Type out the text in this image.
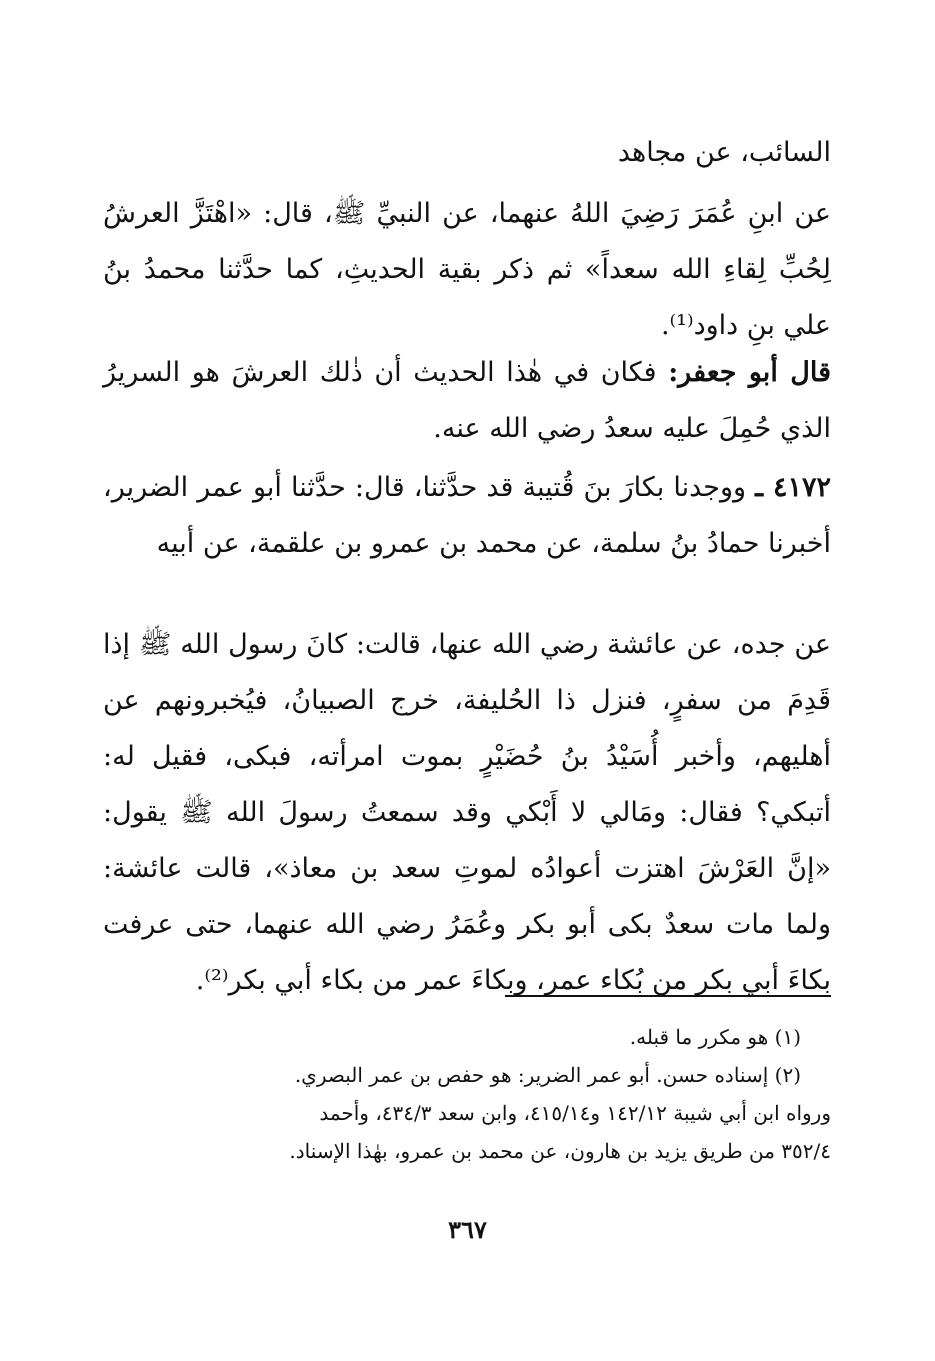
السائب، عن مجاهد

عن ابنِ عُمَرَ رَضِيَ اللهُ عنهما، عن النبيِّ ﷺ، قال: «اهْتَزَّ العرشُ لِحُبِّ لِقاءِ الله سعداً» ثم ذكر بقية الحديثِ، كما حدَّثنا محمدُ بنُ علي بنِ داود⁽¹⁾.

قال أبو جعفر: فكان في هٰذا الحديث أن ذٰلك العرشَ هو السريرُ الذي حُمِلَ عليه سعدُ رضي الله عنه.

٤١٧٢ ـ ووجدنا بكارَ بنَ قُتيبة قد حدَّثنا، قال: حدَّثنا أبو عمر الضرير، أخبرنا حمادُ بنُ سلمة، عن محمد بن عمرو بن علقمة، عن أبيه

عن جده، عن عائشة رضي الله عنها، قالت: كانَ رسول الله ﷺ إذا قَدِمَ من سفرٍ، فنزل ذا الحُليفة، خرج الصبيانُ، فيُخبرونهم عن أهليهم، وأخبر أُسَيْدُ بنُ حُضَيْرٍ بموت امرأته، فبكى، فقيل له: أتبكي؟ فقال: ومَالي لا أَبْكي وقد سمعتُ رسولَ الله ﷺ يقول: «إنَّ العَرْشَ اهتزت أعوادُه لموتِ سعد بن معاذ»، قالت عائشة: ولما مات سعدٌ بكى أبو بكر وعُمَرُ رضي الله عنهما، حتى عرفت بكاءَ أبي بكر من بُكاء عمر، وبكاءَ عمر من بكاء أبي بكر⁽²⁾.

(١) هو مكرر ما قبله.
(٢) إسناده حسن. أبو عمر الضرير: هو حفص بن عمر البصري.
ورواه ابن أبي شيبة ١٤٢/١٢ و٤١٥/١٤، وابن سعد ٤٣٤/٣، وأحمد
٣٥٢/٤ من طريق يزيد بن هارون، عن محمد بن عمرو، بهٰذا الإسناد.
٣٦٧
